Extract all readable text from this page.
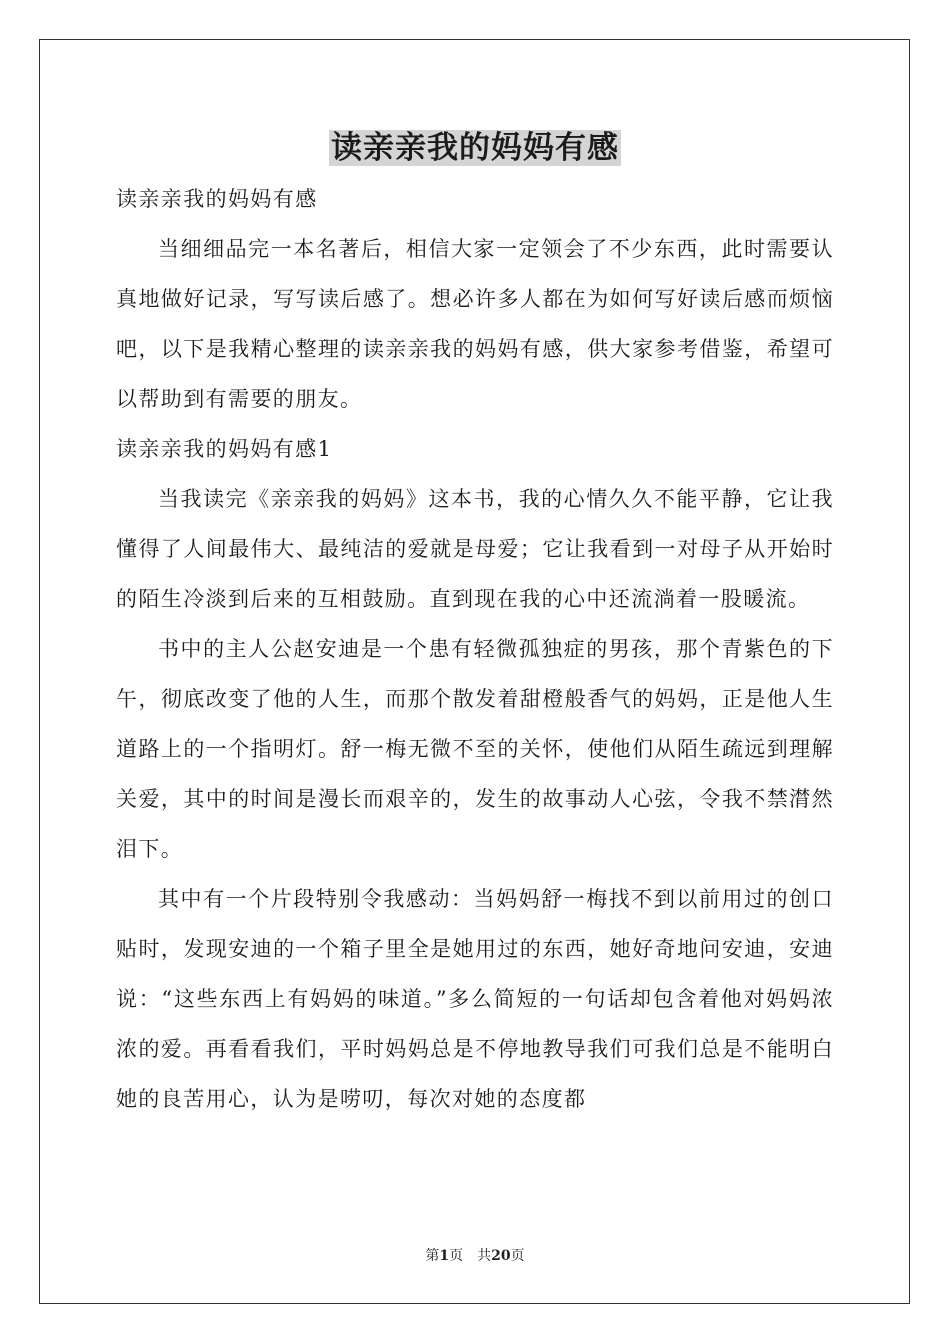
读亲亲我的妈妈有感

读亲亲我的妈妈有感

当细细品完一本名著后，相信大家一定领会了不少东西，此时需要认真地做好记录，写写读后感了。想必许多人都在为如何写好读后感而烦恼吧，以下是我精心整理的读亲亲我的妈妈有感，供大家参考借鉴，希望可以帮助到有需要的朋友。

读亲亲我的妈妈有感1

当我读完《亲亲我的妈妈》这本书，我的心情久久不能平静，它让我懂得了人间最伟大、最纯洁的爱就是母爱；它让我看到一对母子从开始时的陌生冷淡到后来的互相鼓励。直到现在我的心中还流淌着一股暖流。

书中的主人公赵安迪是一个患有轻微孤独症的男孩，那个青紫色的下午，彻底改变了他的人生，而那个散发着甜橙般香气的妈妈，正是他人生道路上的一个指明灯。舒一梅无微不至的关怀，使他们从陌生疏远到理解关爱，其中的时间是漫长而艰辛的，发生的故事动人心弦，令我不禁潸然泪下。

其中有一个片段特别令我感动：当妈妈舒一梅找不到以前用过的创口贴时，发现安迪的一个箱子里全是她用过的东西，她好奇地问安迪，安迪说：“这些东西上有妈妈的味道。”多么简短的一句话却包含着他对妈妈浓浓的爱。再看看我们，平时妈妈总是不停地教导我们可我们总是不能明白她的良苦用心，认为是唠叨，每次对她的态度都

第1页　共20页
